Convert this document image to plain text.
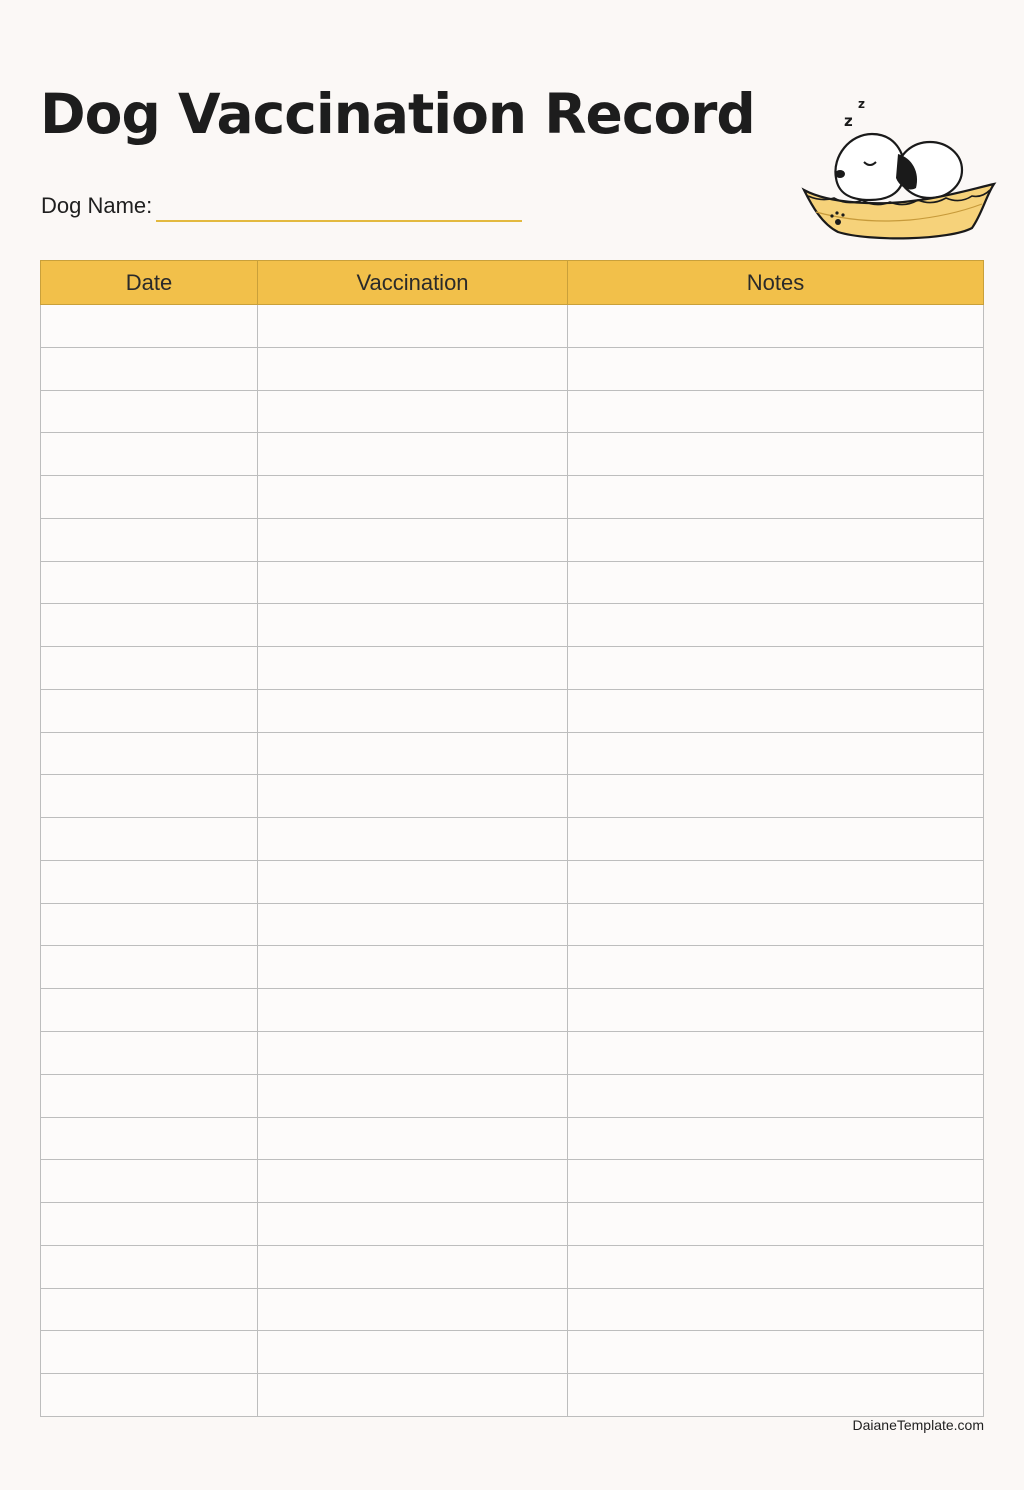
Dog Vaccination Record
Dog Name:
z
z
Date	Vaccination	Notes

DaianeTemplate.com
